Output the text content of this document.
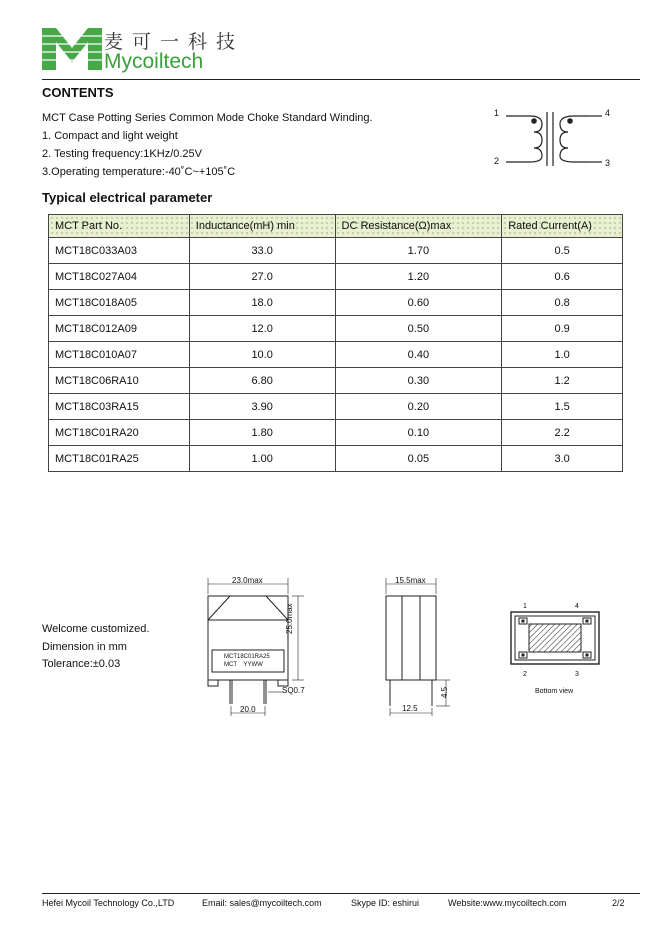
麦可一科技
Mycoiltech
CONTENTS
MCT Case Potting Series Common Mode Choke Standard Winding.
1. Compact and light weight
2. Testing frequency:1KHz/0.25V
3.Operating temperature:-40˚C~+105˚C
1
2
4
3
Typical electrical parameter
MCT Part No.	Inductance(mH) min	DC Resistance(Ω)max	Rated Current(A)
MCT18C033A03	33.0	1.70	0.5
MCT18C027A04	27.0	1.20	0.6
MCT18C018A05	18.0	0.60	0.8
MCT18C012A09	12.0	0.50	0.9
MCT18C010A07	10.0	0.40	1.0
MCT18C06RA10	6.80	0.30	1.2
MCT18C03RA15	3.90	0.20	1.5
MCT18C01RA20	1.80	0.10	2.2
MCT18C01RA25	1.00	0.05	3.0
Welcome customized.
Dimension in mm
Tolerance:±0.03
23.0max
25.0max
MCT18C01RA25
MCT    YYWW
20.0
SQ0.7
15.5max
12.5
4.5
1	4
2	3
Bottom view
Hefei Mycoil Technology Co.,LTD	Email: sales@mycoiltech.com	Skype ID: eshirui	Website:www.mycoiltech.com	2/2
